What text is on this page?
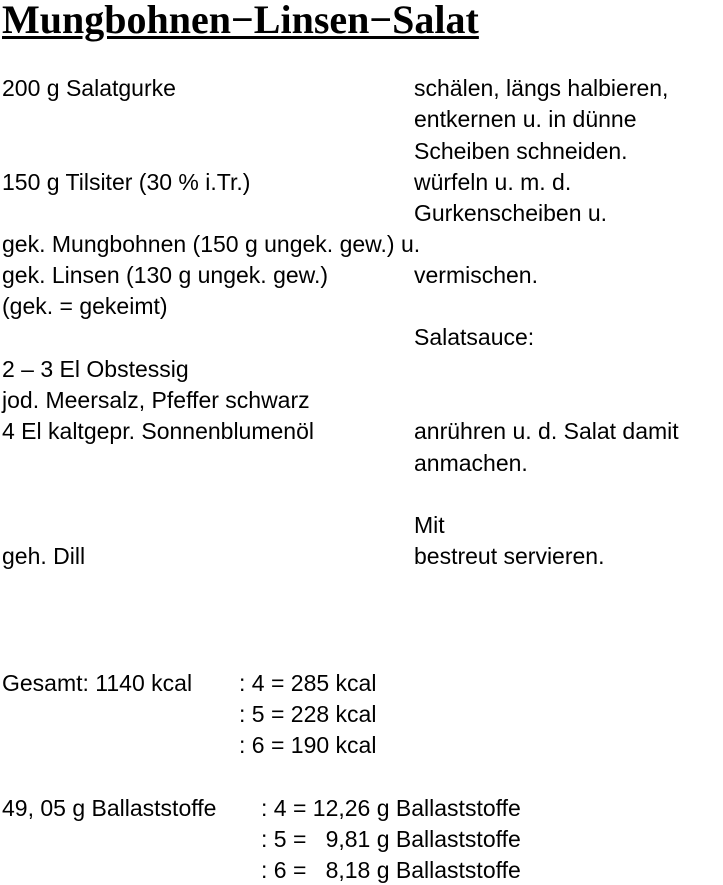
Mungbohnen−Linsen−Salat
200 g Salatgurke
150 g Tilsiter (30 % i.Tr.)
gek. Mungbohnen (150 g ungek. gew.) u.
gek. Linsen (130 g ungek. gew.)
(gek. = gekeimt)
2 – 3 El Obstessig
jod. Meersalz, Pfeffer schwarz
4 El kaltgepr. Sonnenblumenöl
geh. Dill
schälen, längs halbieren,
entkernen u. in dünne
Scheiben schneiden.
würfeln u. m. d.
Gurkenscheiben u.
vermischen.
Salatsauce:
anrühren u. d. Salat damit
anmachen.
Mit
bestreut servieren.
Gesamt: 1140 kcal : 4 = 285 kcal
: 5 = 228 kcal
: 6 = 190 kcal
49, 05 g Ballaststoffe : 4 = 12,26 g Ballaststoffe
: 5 =   9,81 g Ballaststoffe
: 6 =   8,18 g Ballaststoffe
